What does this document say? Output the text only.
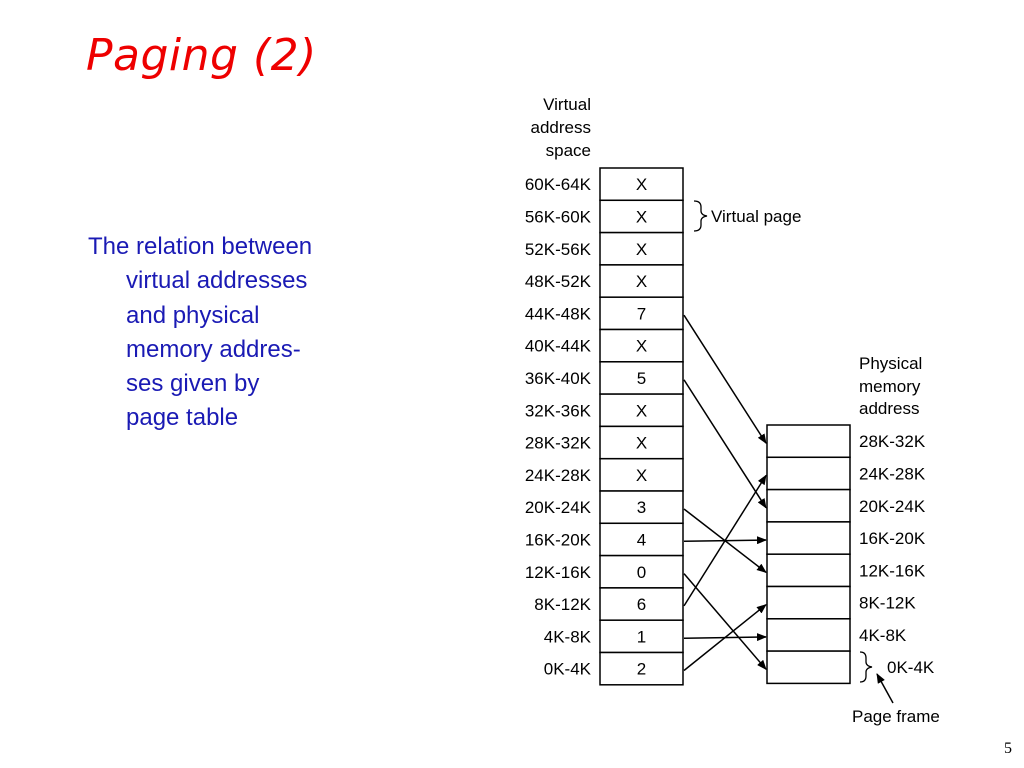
Paging (2)
The relation between
virtual addresses
and physical
memory addres-
ses given by
page table
Virtual
address
space
Physical
memory
address
60K-64K	X
56K-60K	X
52K-56K	X
48K-52K	X
44K-48K	7
40K-44K	X
36K-40K	5
32K-36K	X
28K-32K	X
24K-28K	X
20K-24K	3
16K-20K	4
12K-16K	0
8K-12K	6
4K-8K	1
0K-4K	2
28K-32K
24K-28K
20K-24K
16K-20K
12K-16K
8K-12K
4K-8K
Virtual page
0K-4K
Page frame
5
